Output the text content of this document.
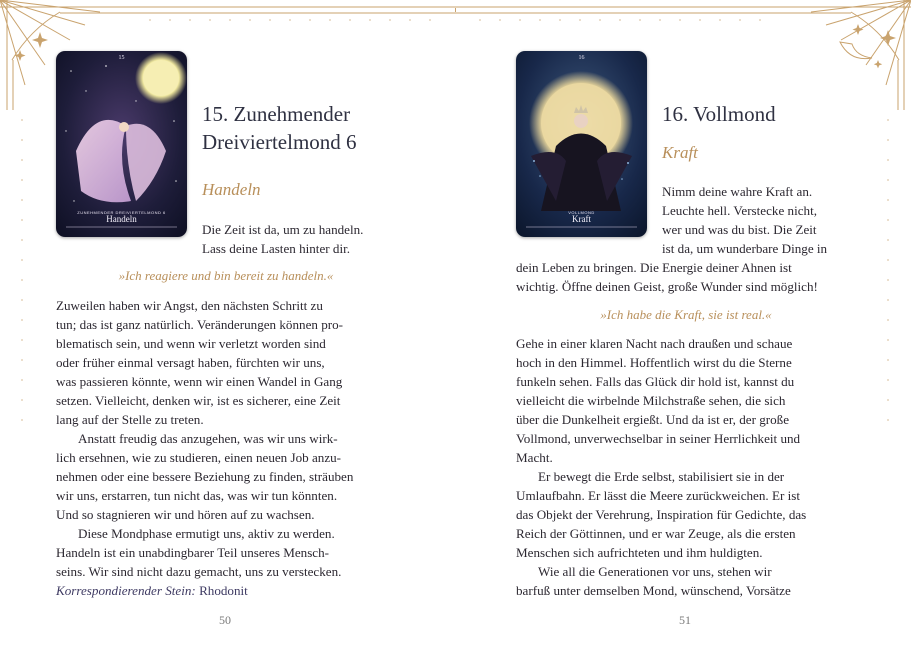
15
ZUNEHMENDER DREIVIERTELMOND 6
Handeln
15. Zunehmender
Dreiviertelmond 6
Handeln

Die Zeit ist da, um zu handeln.

Lass deine Lasten hinter dir.

»Ich reagiere und bin bereit zu handeln.«

Zuweilen haben wir Angst, den nächsten Schritt zu

tun; das ist ganz natürlich. Veränderungen können pro-

blematisch sein, und wenn wir verletzt worden sind

oder früher einmal versagt haben, fürchten wir uns,

was passieren könnte, wenn wir einen Wandel in Gang

setzen. Vielleicht, denken wir, ist es sicherer, eine Zeit

lang auf der Stelle zu treten.

Anstatt freudig das anzugehen, was wir uns wirk-

lich ersehnen, wie zu studieren, einen neuen Job anzu-

nehmen oder eine bessere Beziehung zu finden, sträuben

wir uns, erstarren, tun nicht das, was wir tun könnten.

Und so stagnieren wir und hören auf zu wachsen.

Diese Mondphase ermutigt uns, aktiv zu werden.

Handeln ist ein unabdingbarer Teil unseres Mensch-

seins. Wir sind nicht dazu gemacht, uns zu verstecken.

Korrespondierender Stein: Rhodonit

50
16
VOLLMOND
Kraft
16. Vollmond
Kraft

Nimm deine wahre Kraft an.

Leuchte hell. Verstecke nicht,

wer und was du bist. Die Zeit

ist da, um wunderbare Dinge in

dein Leben zu bringen. Die Energie deiner Ahnen ist

wichtig. Öffne deinen Geist, große Wunder sind möglich!

»Ich habe die Kraft, sie ist real.«

Gehe in einer klaren Nacht nach draußen und schaue

hoch in den Himmel. Hoffentlich wirst du die Sterne

funkeln sehen. Falls das Glück dir hold ist, kannst du

vielleicht die wirbelnde Milchstraße sehen, die sich

über die Dunkelheit ergießt. Und da ist er, der große

Vollmond, unverwechselbar in seiner Herrlichkeit und

Macht.

Er bewegt die Erde selbst, stabilisiert sie in der

Umlaufbahn. Er lässt die Meere zurückweichen. Er ist

das Objekt der Verehrung, Inspiration für Gedichte, das

Reich der Göttinnen, und er war Zeuge, als die ersten

Menschen sich aufrichteten und ihm huldigten.

Wie all die Generationen vor uns, stehen wir

barfuß unter demselben Mond, wünschend, Vorsätze

51
